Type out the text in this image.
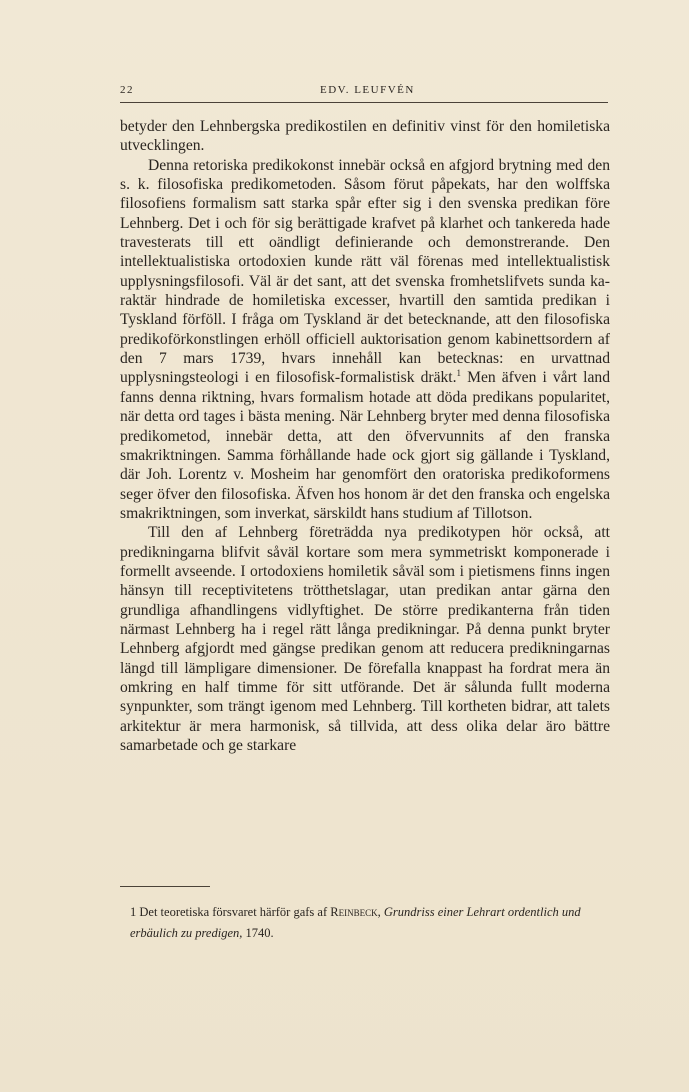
22	EDV. LEUFVÉN

betyder den Lehnbergska predikostilen en definitiv vinst för den homiletiska utvecklingen.

Denna retoriska predikokonst innebär också en afgjord brytning med den s. k. filosofiska predikometoden. Såsom förut påpekats, har den wolffska filosofiens formalism satt starka spår efter sig i den svenska predikan före Lehnberg. Det i och för sig berättigade krafvet på klarhet och tankereda hade travesterats till ett oändligt definierande och demonstrerande. Den intellektualistiska ortodoxien kunde rätt väl förenas med intellektualistisk upplysningsfilosofi. Väl är det sant, att det svenska fromhetslifvets sunda karaktär hindrade de homiletiska excesser, hvartill den samtida predikan i Tyskland förföll. I fråga om Tyskland är det betecknande, att den filosofiska predikoförkonstlingen erhöll officiell auktorisation genom kabinettsordern af den 7 mars 1739, hvars innehåll kan betecknas: en urvattnad upplysningsteologi i en filosofisk-formalistisk dräkt.$^1$ Men äfven i vårt land fanns denna riktning, hvars formalism hotade att döda predikans popularitet, när detta ord tages i bästa mening. När Lehnberg bryter med denna filosofiska predikometod, innebär detta, att den öfvervunnits af den franska smakriktningen. Samma förhållande hade ock gjort sig gällande i Tyskland, där Joh. Lorentz v. Mosheim har genomfört den oratoriska predikoformens seger öfver den filosofiska. Äfven hos honom är det den franska och engelska smakriktningen, som inverkat, särskildt hans studium af Tillotson.

Till den af Lehnberg företrädda nya predikotypen hör också, att predikningarna blifvit såväl kortare som mera symmetriskt komponerade i formellt avseende. I ortodoxiens homiletik såväl som i pietismens finns ingen hänsyn till receptivitetens trötthetslagar, utan predikan antar gärna den grundliga afhandlingens vidlyftighet. De större predikanterna från tiden närmast Lehnberg ha i regel rätt långa predikningar. På denna punkt bryter Lehnberg afgjordt med gängse predikan genom att reducera predikningarnas längd till lämpligare dimensioner. De förefalla knappast ha fordrat mera än omkring en half timme för sitt utförande. Det är sålunda fullt moderna synpunkter, som trängt igenom med Lehnberg. Till kortheten bidrar, att talets arkitektur är mera harmonisk, så tillvida, att dess olika delar äro bättre samarbetade och ge starkare

1 Det teoretiska försvaret härför gafs af Reinbeck, Grundriss einer Lehrart ordentlich und erbäulich zu predigen, 1740.
